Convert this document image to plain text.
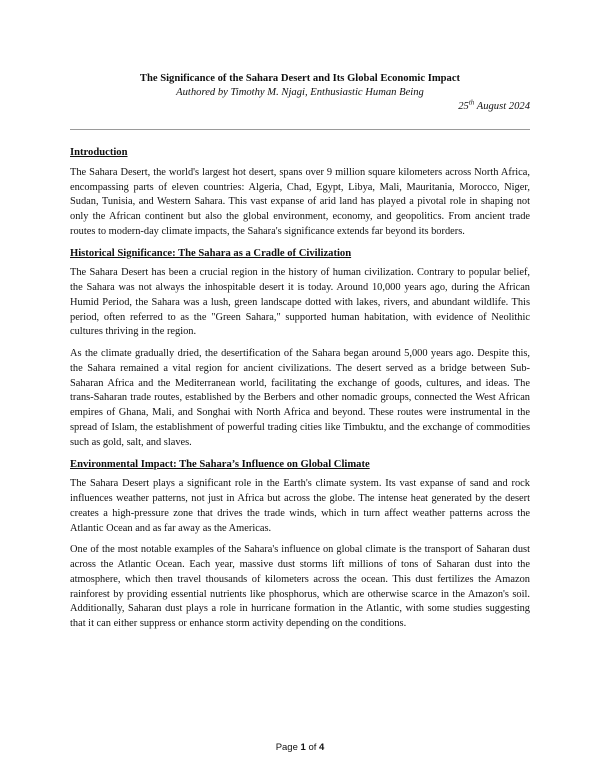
The Significance of the Sahara Desert and Its Global Economic Impact

Authored by Timothy M. Njagi, Enthusiastic Human Being

25th August 2024

Introduction

The Sahara Desert, the world's largest hot desert, spans over 9 million square kilometers across North Africa, encompassing parts of eleven countries: Algeria, Chad, Egypt, Libya, Mali, Mauritania, Morocco, Niger, Sudan, Tunisia, and Western Sahara. This vast expanse of arid land has played a pivotal role in shaping not only the African continent but also the global environment, economy, and geopolitics. From ancient trade routes to modern-day climate impacts, the Sahara's significance extends far beyond its borders.

Historical Significance: The Sahara as a Cradle of Civilization

The Sahara Desert has been a crucial region in the history of human civilization. Contrary to popular belief, the Sahara was not always the inhospitable desert it is today. Around 10,000 years ago, during the African Humid Period, the Sahara was a lush, green landscape dotted with lakes, rivers, and abundant wildlife. This period, often referred to as the "Green Sahara," supported human habitation, with evidence of Neolithic cultures thriving in the region.

As the climate gradually dried, the desertification of the Sahara began around 5,000 years ago. Despite this, the Sahara remained a vital region for ancient civilizations. The desert served as a bridge between Sub-Saharan Africa and the Mediterranean world, facilitating the exchange of goods, cultures, and ideas. The trans-Saharan trade routes, established by the Berbers and other nomadic groups, connected the West African empires of Ghana, Mali, and Songhai with North Africa and beyond. These routes were instrumental in the spread of Islam, the establishment of powerful trading cities like Timbuktu, and the exchange of commodities such as gold, salt, and slaves.

Environmental Impact: The Sahara’s Influence on Global Climate

The Sahara Desert plays a significant role in the Earth's climate system. Its vast expanse of sand and rock influences weather patterns, not just in Africa but across the globe. The intense heat generated by the desert creates a high-pressure zone that drives the trade winds, which in turn affect weather patterns across the Atlantic Ocean and as far away as the Americas.

One of the most notable examples of the Sahara's influence on global climate is the transport of Saharan dust across the Atlantic Ocean. Each year, massive dust storms lift millions of tons of Saharan dust into the atmosphere, which then travel thousands of kilometers across the ocean. This dust fertilizes the Amazon rainforest by providing essential nutrients like phosphorus, which are otherwise scarce in the Amazon's soil. Additionally, Saharan dust plays a role in hurricane formation in the Atlantic, with some studies suggesting that it can either suppress or enhance storm activity depending on the conditions.

Page 1 of 4
